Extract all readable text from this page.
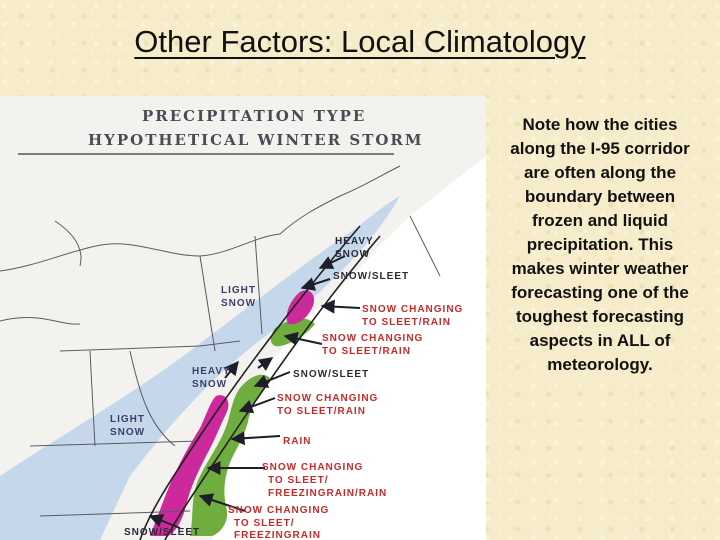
Other Factors: Local Climatology
PRECIPITATION TYPE
HYPOTHETICAL WINTER STORM
HEAVY
SNOW
SNOW/SLEET
LIGHT
SNOW
SNOW CHANGING
TO SLEET/RAIN
SNOW CHANGING
TO SLEET/RAIN
HEAVY
SNOW
SNOW/SLEET
SNOW CHANGING
TO SLEET/RAIN
LIGHT
SNOW
RAIN
SNOW CHANGING
TO SLEET/
FREEZINGRAIN/RAIN
SNOW CHANGING
TO SLEET/
FREEZINGRAIN
SNOW/SLEET
Note how the cities along the I-95 corridor are often along the boundary between frozen and liquid precipitation. This makes winter weather forecasting one of the toughest forecasting aspects in ALL of meteorology.
